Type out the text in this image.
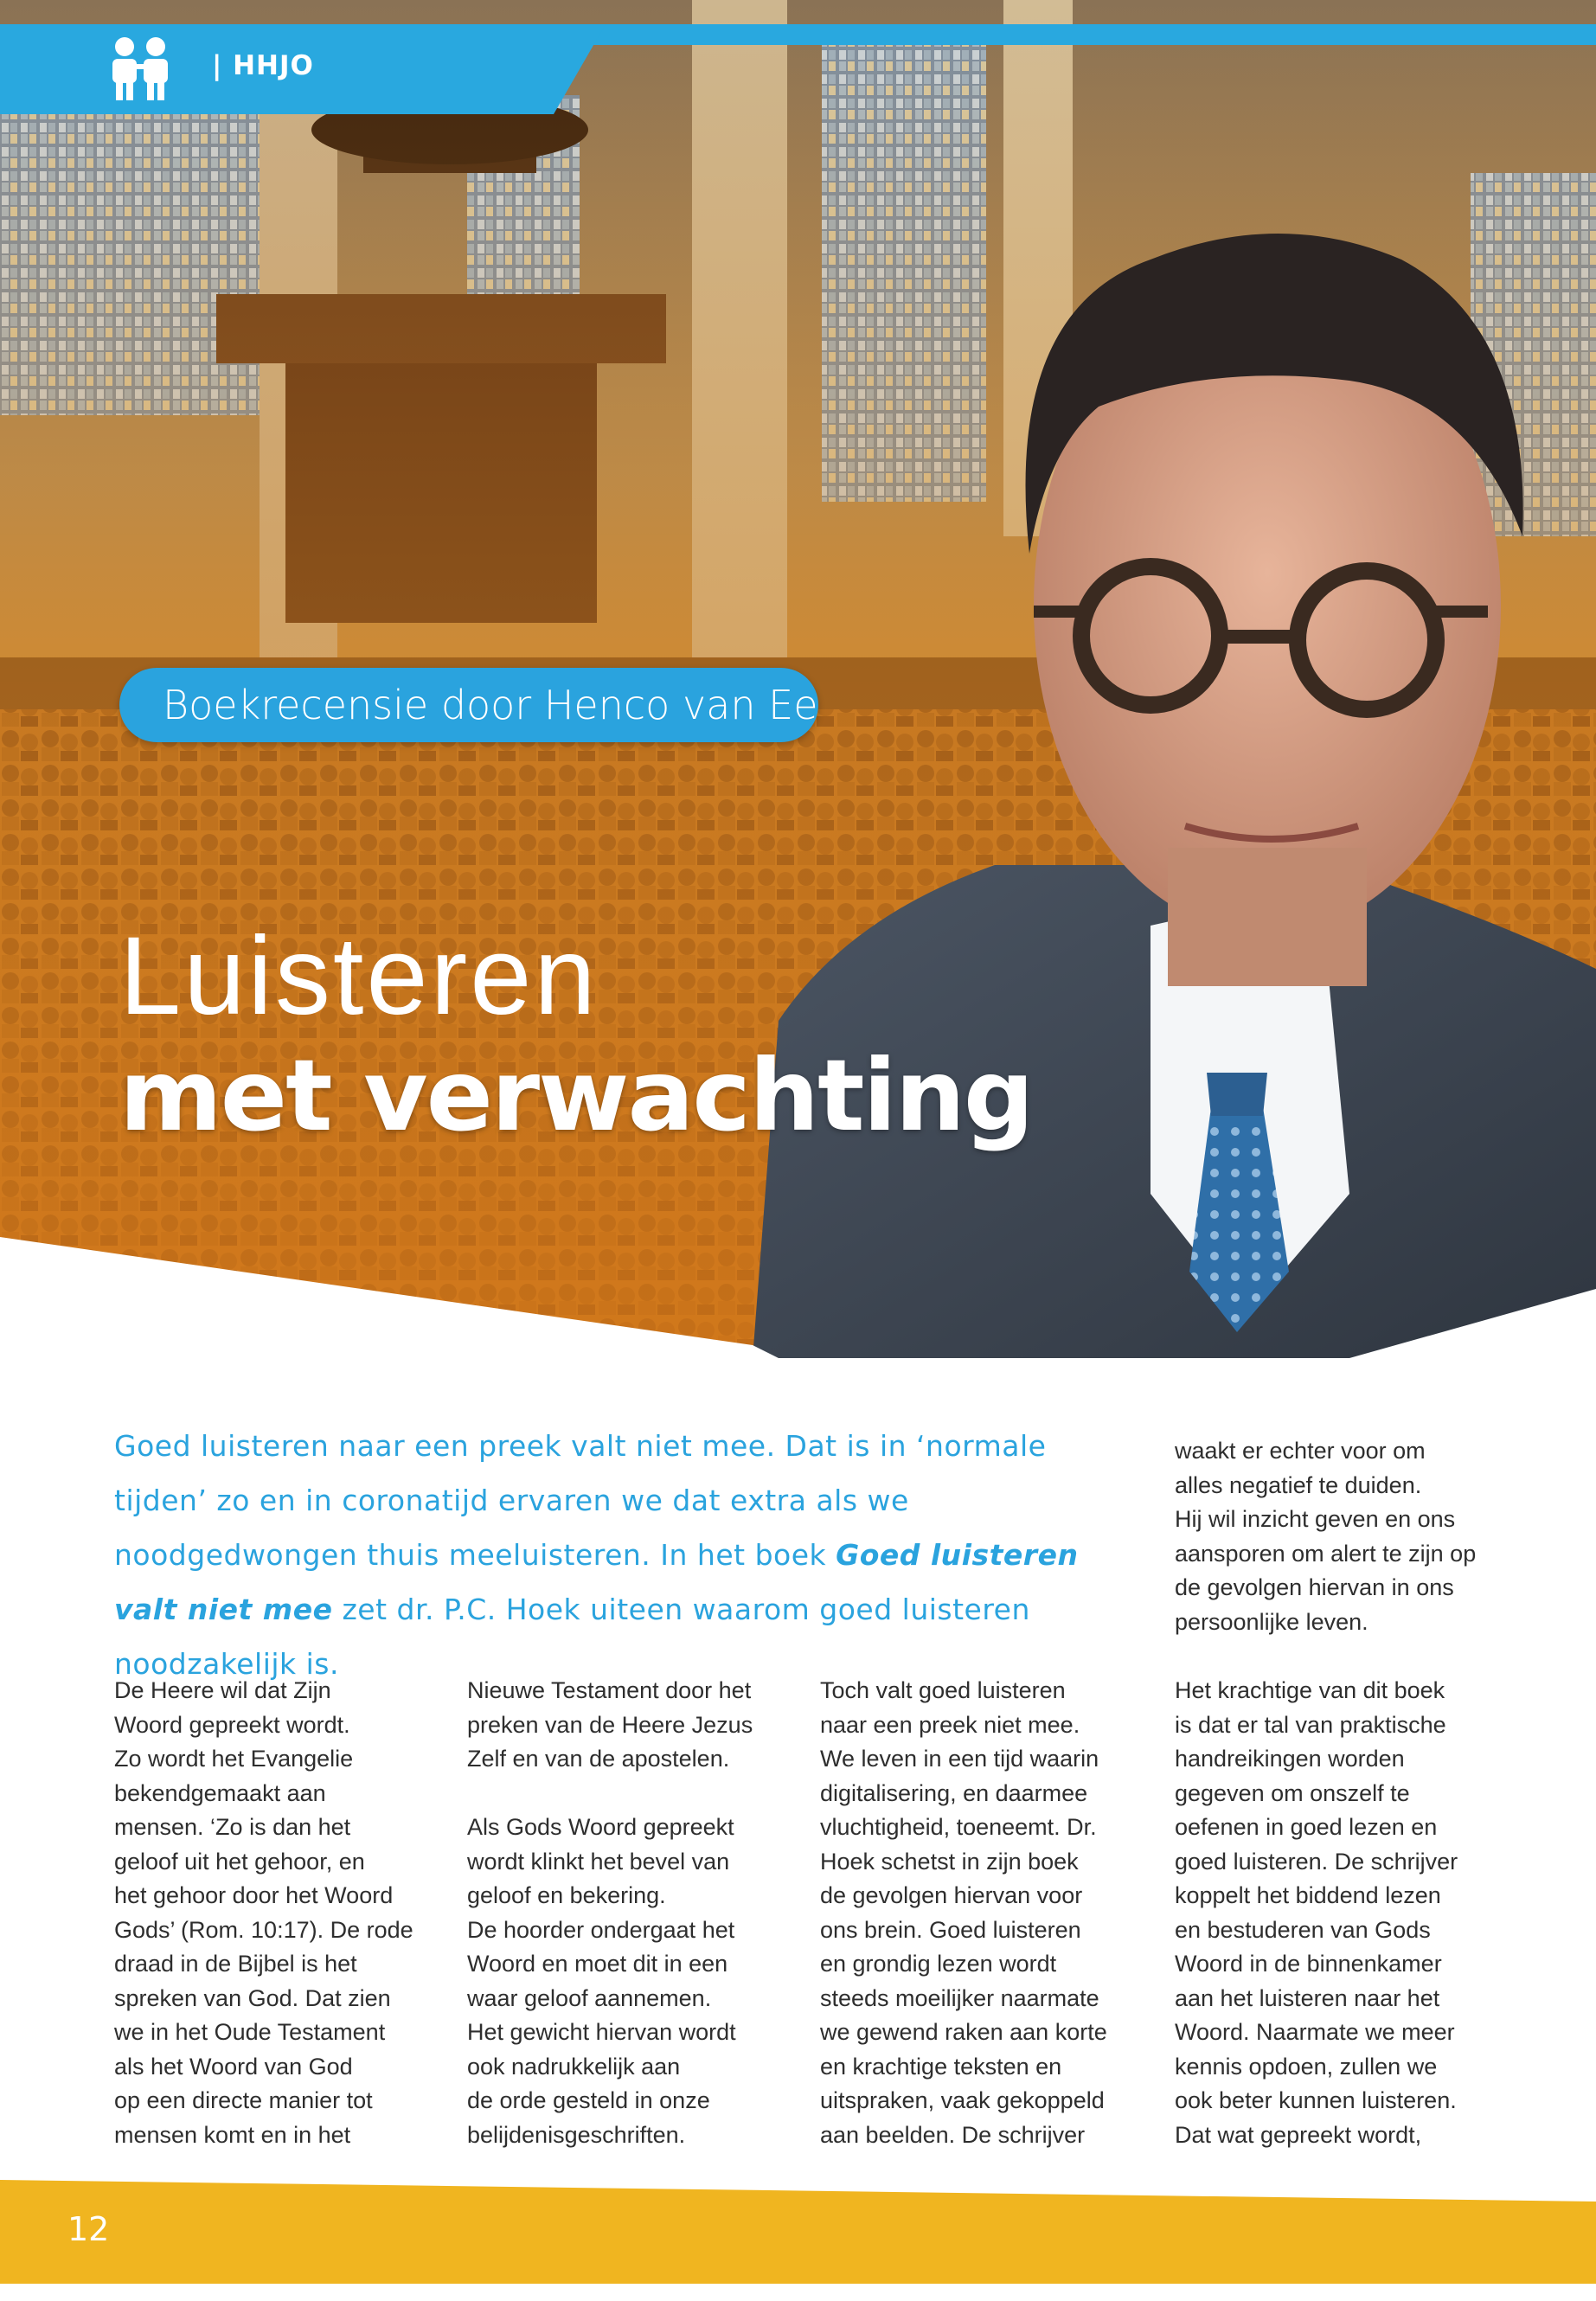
| HHJO
Boekrecensie door Henco van Ee
Luisteren
met verwachting
Goed luisteren naar een preek valt niet mee. Dat is in ‘normale tijden’ zo en in coronatijd ervaren we dat extra als we noodgedwongen thuis meeluisteren. In het boek Goed luisteren valt niet mee zet dr. P.C. Hoek uiteen waarom goed luisteren noodzakelijk is.

waakt er echter voor om

alles negatief te duiden.

Hij wil inzicht geven en ons

aansporen om alert te zijn op

de gevolgen hiervan in ons

persoonlijke leven.

De Heere wil dat Zijn

Woord gepreekt wordt.

Zo wordt het Evangelie

bekendgemaakt aan

mensen. ‘Zo is dan het

geloof uit het gehoor, en

het gehoor door het Woord

Gods’ (Rom. 10:17). De rode

draad in de Bijbel is het

spreken van God. Dat zien

we in het Oude Testament

als het Woord van God

op een directe manier tot

mensen komt en in het

Nieuwe Testament door het

preken van de Heere Jezus

Zelf en van de apostelen.

Als Gods Woord gepreekt

wordt klinkt het bevel van

geloof en bekering.

De hoorder ondergaat het

Woord en moet dit in een

waar geloof aannemen.

Het gewicht hiervan wordt

ook nadrukkelijk aan

de orde gesteld in onze

belijdenisgeschriften.

Toch valt goed luisteren

naar een preek niet mee.

We leven in een tijd waarin

digitalisering, en daarmee

vluchtigheid, toeneemt. Dr.

Hoek schetst in zijn boek

de gevolgen hiervan voor

ons brein. Goed luisteren

en grondig lezen wordt

steeds moeilijker naarmate

we gewend raken aan korte

en krachtige teksten en

uitspraken, vaak gekoppeld

aan beelden. De schrijver

Het krachtige van dit boek

is dat er tal van praktische

handreikingen worden

gegeven om onszelf te

oefenen in goed lezen en

goed luisteren. De schrijver

koppelt het biddend lezen

en bestuderen van Gods

Woord in de binnenkamer

aan het luisteren naar het

Woord. Naarmate we meer

kennis opdoen, zullen we

ook beter kunnen luisteren.

Dat wat gepreekt wordt,

12
